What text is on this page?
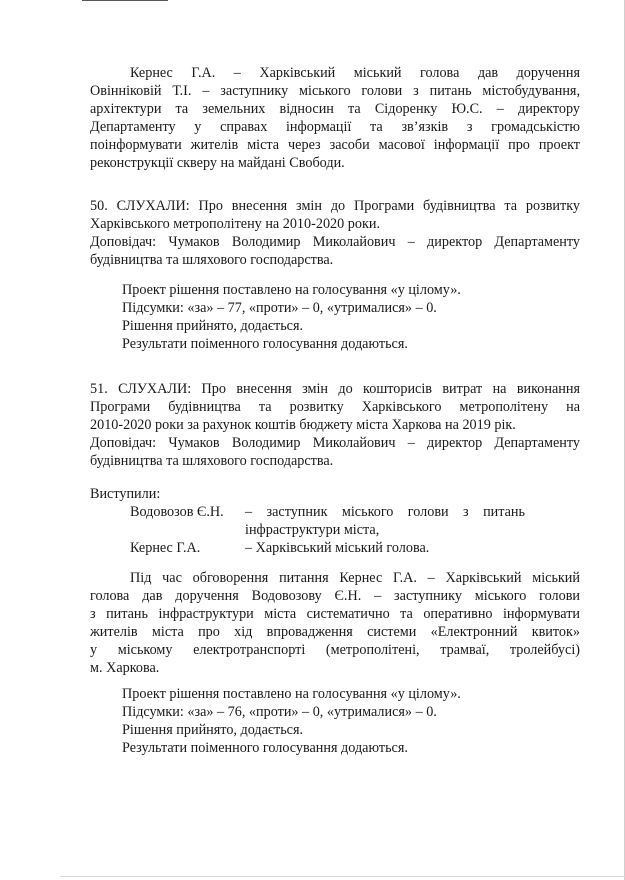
Кернес Г.А. – Харківський міський голова дав доручення
Овінніковій Т.І. – заступнику міського голови з питань містобудування,
архітектури та земельних відносин та Сідоренку Ю.С. – директору
Департаменту у справах інформації та зв’язків з громадськістю
поінформувати жителів міста через засоби масової інформації про проект
реконструкції скверу на майдані Свободи.
50. СЛУХАЛИ: Про внесення змін до Програми будівництва та розвитку
Харківського метрополітену на 2010-2020 роки.
Доповідач: Чумаков Володимир Миколайович – директор Департаменту
будівництва та шляхового господарства.
Проект рішення поставлено на голосування «у цілому».
Підсумки: «за» – 77, «проти» – 0, «утрималися» – 0.
Рішення прийнято, додається.
Результати поіменного голосування додаються.
51. СЛУХАЛИ: Про внесення змін до кошторисів витрат на виконання
Програми будівництва та розвитку Харківського метрополітену на
2010-2020 роки за рахунок коштів бюджету міста Харкова на 2019 рік.
Доповідач: Чумаков Володимир Миколайович – директор Департаменту
будівництва та шляхового господарства.
Виступили:
Водовозов Є.Н. – заступник міського голови з питань
інфраструктури міста,
Кернес Г.А.	– Харківський міський голова.
Під час обговорення питання Кернес Г.А. – Харківський міський
голова дав доручення Водовозову Є.Н. – заступнику міського голови
з питань інфраструктури міста систематично та оперативно інформувати
жителів міста про хід впровадження системи «Електронний квиток»
у міському електротранспорті (метрополітені, трамваї, тролейбусі)
м. Харкова.
Проект рішення поставлено на голосування «у цілому».
Підсумки: «за» – 76, «проти» – 0, «утрималися» – 0.
Рішення прийнято, додається.
Результати поіменного голосування додаються.
